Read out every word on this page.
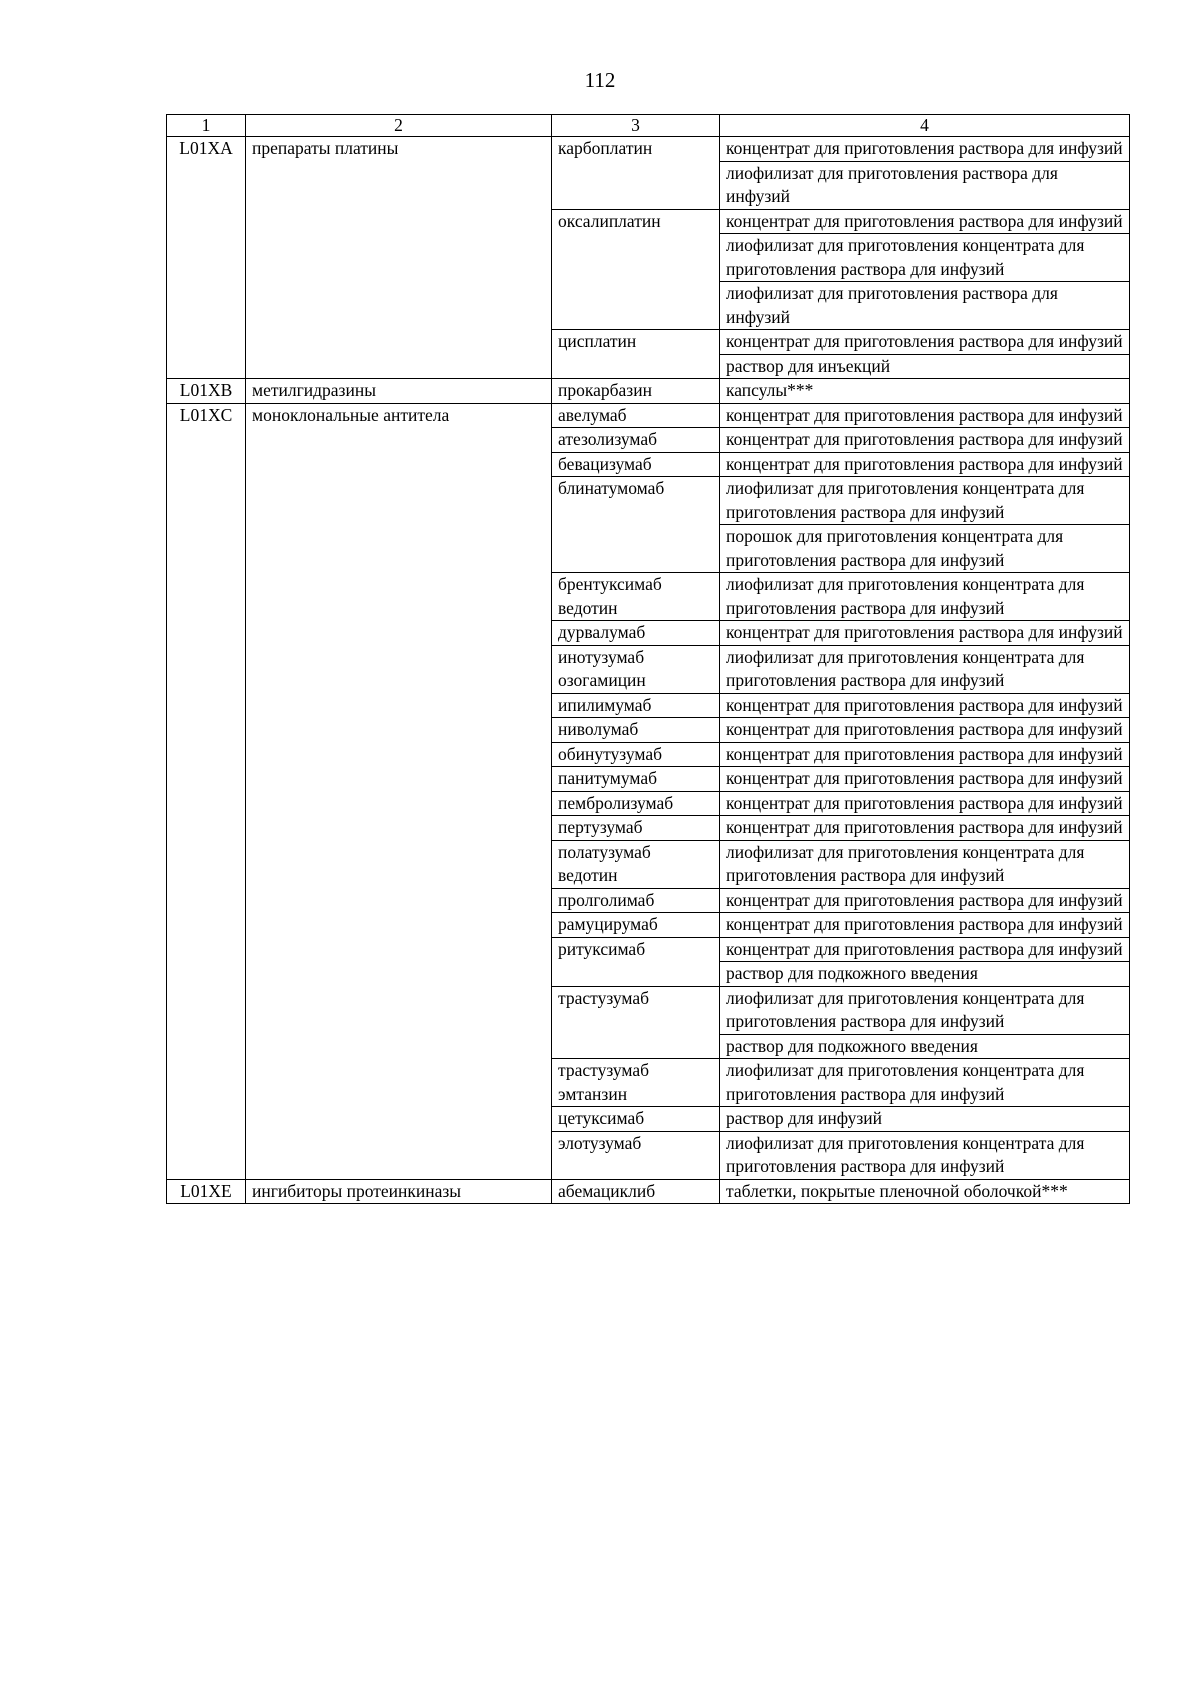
112
1	2	3	4
L01XA	препараты платины	карбоплатин	концентрат для приготовления раствора для инфузий
			лиофилизат для приготовления раствора для инфузий
		оксалиплатин	концентрат для приготовления раствора для инфузий
			лиофилизат для приготовления концентрата для приготовления раствора для инфузий
			лиофилизат для приготовления раствора для инфузий
		цисплатин	концентрат для приготовления раствора для инфузий
			раствор для инъекций
L01XB	метилгидразины	прокарбазин	капсулы***
L01XC	моноклональные антитела	авелумаб	концентрат для приготовления раствора для инфузий
		атезолизумаб	концентрат для приготовления раствора для инфузий
		бевацизумаб	концентрат для приготовления раствора для инфузий
		блинатумомаб	лиофилизат для приготовления концентрата для приготовления раствора для инфузий
			порошок для приготовления концентрата для приготовления раствора для инфузий
		брентуксимаб ведотин	лиофилизат для приготовления концентрата для приготовления раствора для инфузий
		дурвалумаб	концентрат для приготовления раствора для инфузий
		инотузумаб озогамицин	лиофилизат для приготовления концентрата для приготовления раствора для инфузий
		ипилимумаб	концентрат для приготовления раствора для инфузий
		ниволумаб	концентрат для приготовления раствора для инфузий
		обинутузумаб	концентрат для приготовления раствора для инфузий
		панитумумаб	концентрат для приготовления раствора для инфузий
		пембролизумаб	концентрат для приготовления раствора для инфузий
		пертузумаб	концентрат для приготовления раствора для инфузий
		полатузумаб ведотин	лиофилизат для приготовления концентрата для приготовления раствора для инфузий
		пролголимаб	концентрат для приготовления раствора для инфузий
		рамуцирумаб	концентрат для приготовления раствора для инфузий
		ритуксимаб	концентрат для приготовления раствора для инфузий
			раствор для подкожного введения
		трастузумаб	лиофилизат для приготовления концентрата для приготовления раствора для инфузий
			раствор для подкожного введения
		трастузумаб эмтанзин	лиофилизат для приготовления концентрата для приготовления раствора для инфузий
		цетуксимаб	раствор для инфузий
		элотузумаб	лиофилизат для приготовления концентрата для приготовления раствора для инфузий
L01XE	ингибиторы протеинкиназы	абемациклиб	таблетки, покрытые пленочной оболочкой***
